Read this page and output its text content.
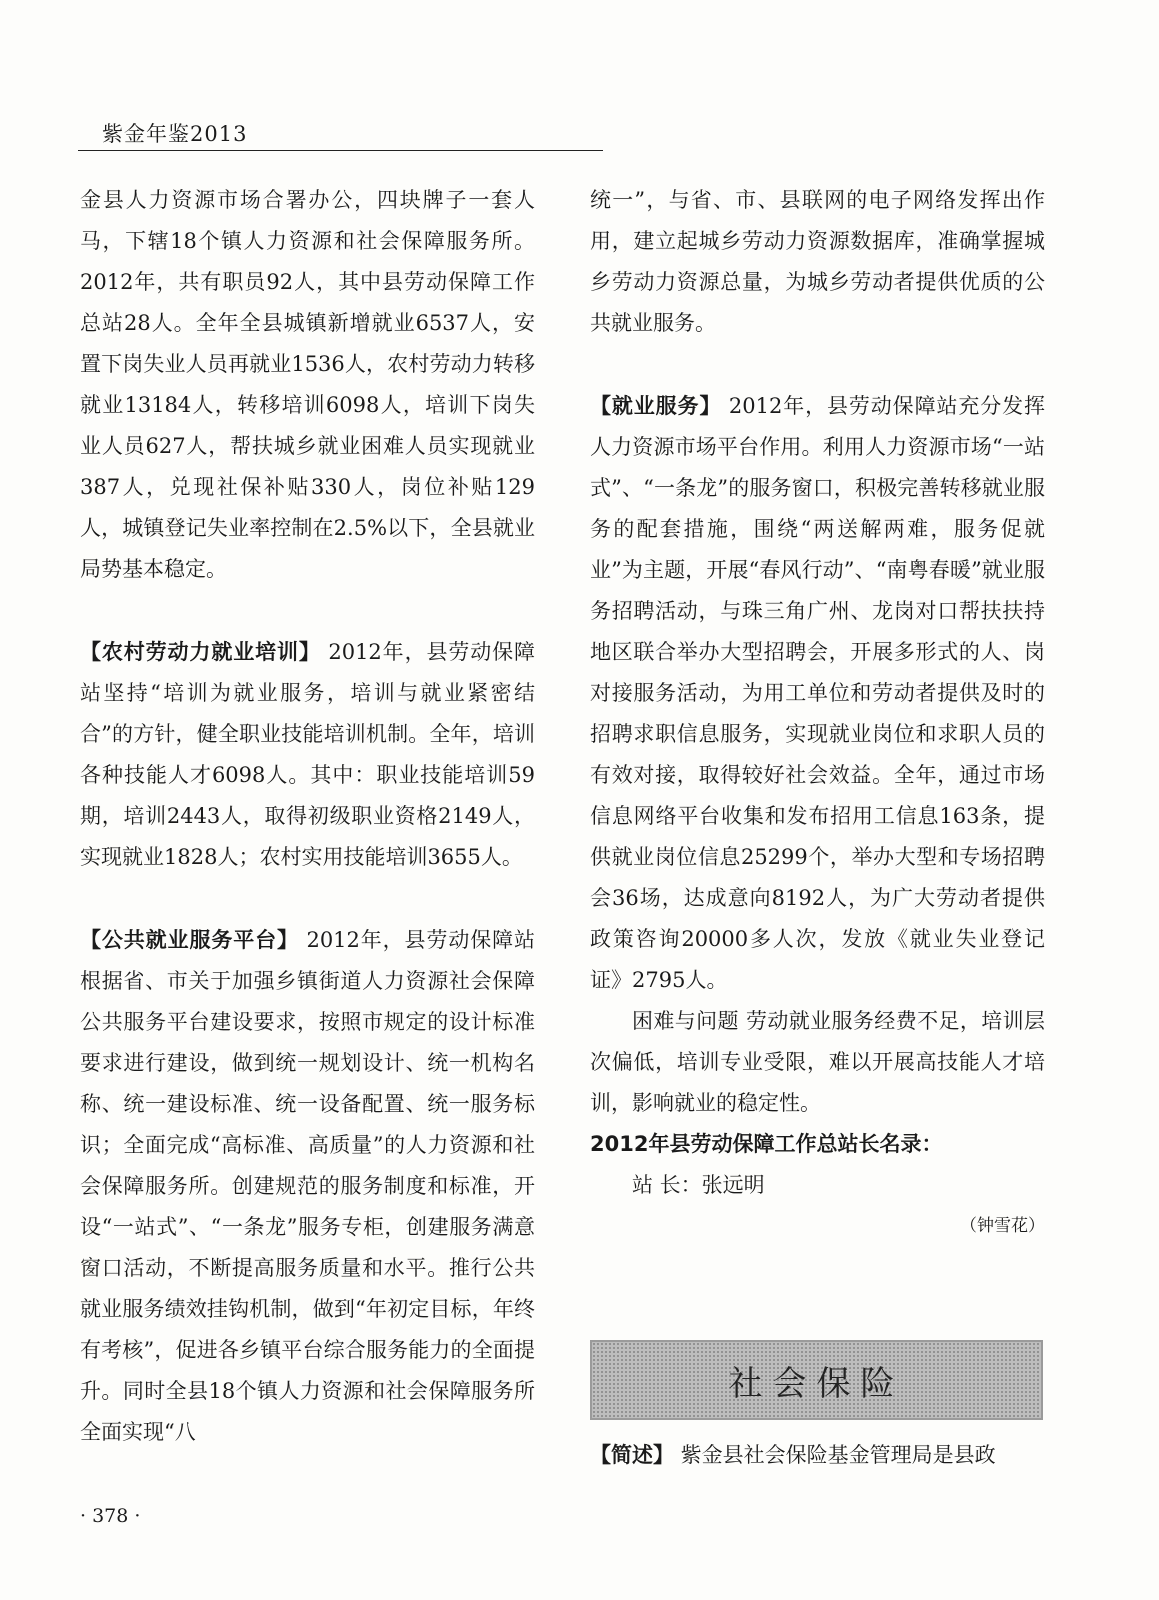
紫金年鉴2013

金县人力资源市场合署办公，四块牌子一套人马，下辖18个镇人力资源和社会保障服务所。2012年，共有职员92人，其中县劳动保障工作总站28人。全年全县城镇新增就业6537人，安置下岗失业人员再就业1536人，农村劳动力转移就业13184人，转移培训6098人，培训下岗失业人员627人，帮扶城乡就业困难人员实现就业387人，兑现社保补贴330人，岗位补贴129人，城镇登记失业率控制在2.5%以下，全县就业局势基本稳定。

【农村劳动力就业培训】 2012年，县劳动保障站坚持“培训为就业服务，培训与就业紧密结合”的方针，健全职业技能培训机制。全年，培训各种技能人才6098人。其中：职业技能培训59期，培训2443人，取得初级职业资格2149人，实现就业1828人；农村实用技能培训3655人。

【公共就业服务平台】 2012年，县劳动保障站根据省、市关于加强乡镇街道人力资源社会保障公共服务平台建设要求，按照市规定的设计标准要求进行建设，做到统一规划设计、统一机构名称、统一建设标准、统一设备配置、统一服务标识；全面完成“高标准、高质量”的人力资源和社会保障服务所。创建规范的服务制度和标准，开设“一站式”、“一条龙”服务专柜，创建服务满意窗口活动，不断提高服务质量和水平。推行公共就业服务绩效挂钩机制，做到“年初定目标，年终有考核”，促进各乡镇平台综合服务能力的全面提升。同时全县18个镇人力资源和社会保障服务所全面实现“八

统一”，与省、市、县联网的电子网络发挥出作用，建立起城乡劳动力资源数据库，准确掌握城乡劳动力资源总量，为城乡劳动者提供优质的公共就业服务。

【就业服务】 2012年，县劳动保障站充分发挥人力资源市场平台作用。利用人力资源市场“一站式”、“一条龙”的服务窗口，积极完善转移就业服务的配套措施，围绕“两送解两难，服务促就业”为主题，开展“春风行动”、“南粤春暖”就业服务招聘活动，与珠三角广州、龙岗对口帮扶扶持地区联合举办大型招聘会，开展多形式的人、岗对接服务活动，为用工单位和劳动者提供及时的招聘求职信息服务，实现就业岗位和求职人员的有效对接，取得较好社会效益。全年，通过市场信息网络平台收集和发布招用工信息163条，提供就业岗位信息25299个，举办大型和专场招聘会36场，达成意向8192人，为广大劳动者提供政策咨询20000多人次，发放《就业失业登记证》2795人。

困难与问题 劳动就业服务经费不足，培训层次偏低，培训专业受限，难以开展高技能人才培训，影响就业的稳定性。

2012年县劳动保障工作总站长名录：

站 长：张远明

（钟雪花）

社会保险
【简述】 紫金县社会保险基金管理局是县政
· 378 ·
